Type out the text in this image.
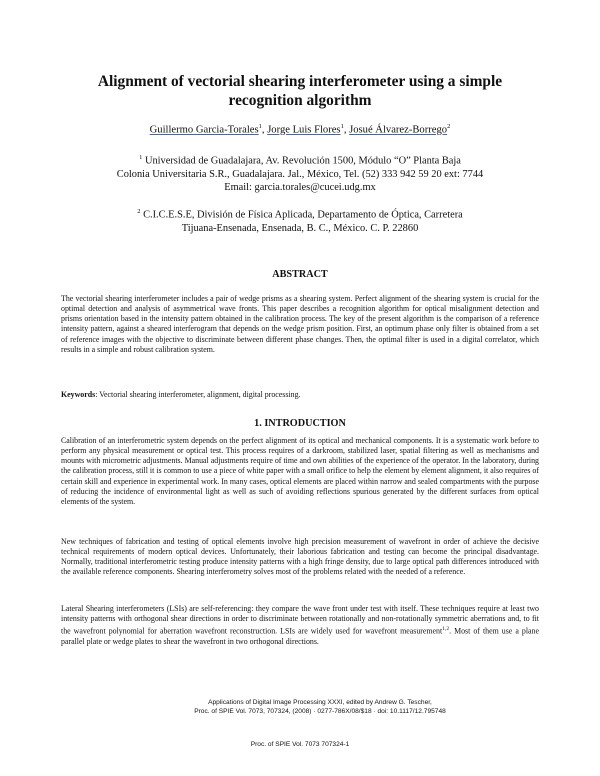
Alignment of vectorial shearing interferometer using a simple
recognition algorithm
Guillermo Garcia-Torales$^1$, Jorge Luis Flores$^1$, Josué Álvarez-Borrego$^2$
$^1$ Universidad de Guadalajara, Av. Revolución 1500, Módulo “O” Planta Baja
Colonia Universitaria S.R., Guadalajara. Jal., México, Tel. (52) 333 942 59 20 ext: 7744
Email: garcia.torales@cucei.udg.mx
$^2$ C.I.C.E.S.E, División de Física Aplicada, Departamento de Óptica, Carretera
Tijuana-Ensenada, Ensenada, B. C., México. C. P. 22860
ABSTRACT
The vectorial shearing interferometer includes a pair of wedge prisms as a shearing system. Perfect alignment of the shearing system is crucial for the optimal detection and analysis of asymmetrical wave fronts. This paper describes a recognition algorithm for optical misalignment detection and prisms orientation based in the intensity pattern obtained in the calibration process. The key of the present algorithm is the comparison of a reference intensity pattern, against a sheared interferogram that depends on the wedge prism position. First, an optimum phase only filter is obtained from a set of reference images with the objective to discriminate between different phase changes. Then, the optimal filter is used in a digital correlator, which results in a simple and robust calibration system.
Keywords: Vectorial shearing interferometer, alignment, digital processing.
1. INTRODUCTION
Calibration of an interferometric system depends on the perfect alignment of its optical and mechanical components. It is a systematic work before to perform any physical measurement or optical test. This process requires of a darkroom, stabilized laser, spatial filtering as well as mechanisms and mounts with micrometric adjustments. Manual adjustments require of time and own abilities of the experience of the operator. In the laboratory, during the calibration process, still it is common to use a piece of white paper with a small orifice to help the element by element alignment, it also requires of certain skill and experience in experimental work. In many cases, optical elements are placed within narrow and sealed compartments with the purpose of reducing the incidence of environmental light as well as such of avoiding reflections spurious generated by the different surfaces from optical elements of the system.
New techniques of fabrication and testing of optical elements involve high precision measurement of wavefront in order of achieve the decisive technical requirements of modern optical devices. Unfortunately, their laborious fabrication and testing can become the principal disadvantage. Normally, traditional interferometric testing produce intensity patterns with a high fringe density, due to large optical path differences introduced with the available reference components. Shearing interferometry solves most of the problems related with the needed of a reference.
Lateral Shearing interferometers (LSIs) are self-referencing: they compare the wave front under test with itself. These techniques require at least two intensity patterns with orthogonal shear directions in order to discriminate between rotationally and non-rotationally symmetric aberrations and, to fit the wavefront polynomial for aberration wavefront reconstruction. LSIs are widely used for wavefront measurement$^{1,2}$. Most of them use a plane parallel plate or wedge plates to shear the wavefront in two orthogonal directions.
Applications of Digital Image Processing XXXI, edited by Andrew G. Tescher,
Proc. of SPIE Vol. 7073, 707324, (2008) · 0277-786X/08/$18 · doi: 10.1117/12.795748
Proc. of SPIE Vol. 7073 707324-1
